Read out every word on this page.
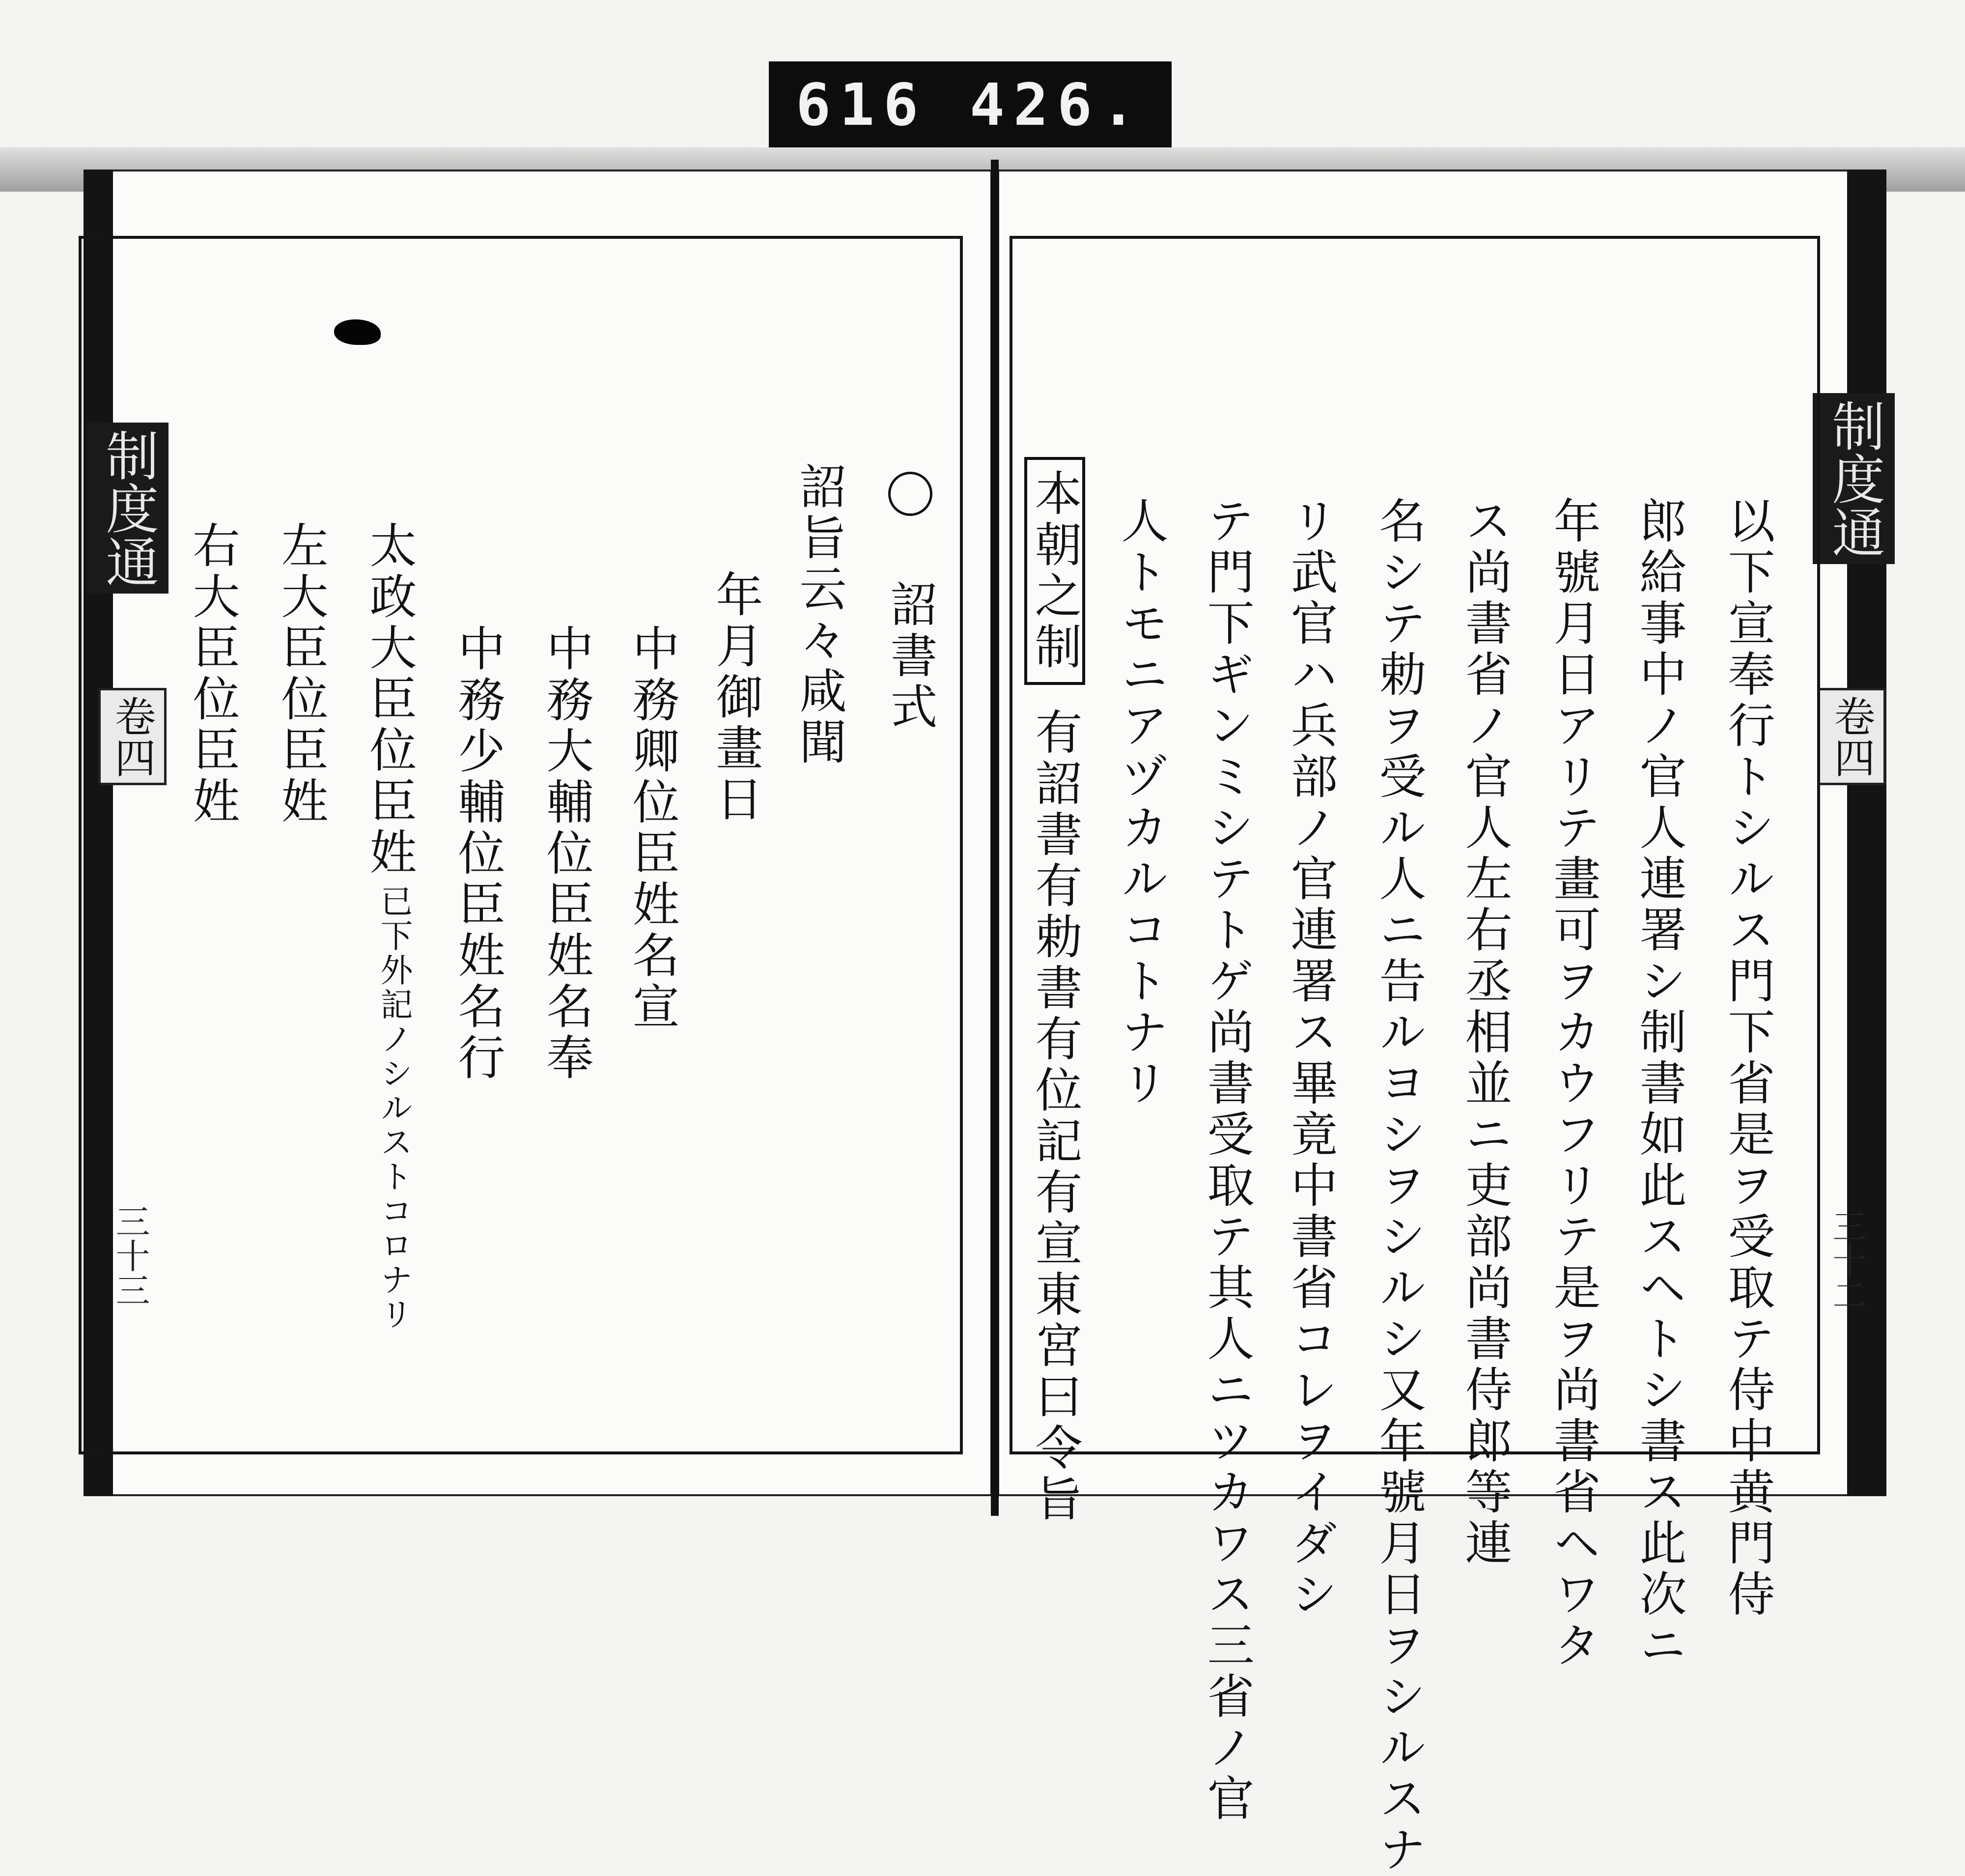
616 426.
制度通
卷四
三十三
制度通
卷四
三十二
以下宣奉行トシルス門下省是ヲ受取テ侍中黄門侍
郎給事中ノ官人連署シ制書如此スヘトシ書ス此次ニ
年號月日アリテ畫可ヲカウフリテ是ヲ尚書省ヘワタ
ス尚書省ノ官人左右丞相並ニ吏部尚書侍郎等連
名シテ勅ヲ受ル人ニ告ルヨシヲシルシ又年號月日ヲシルスナ
リ武官ハ兵部ノ官連署ス畢竟中書省コレヲイダシ
テ門下ギンミシテトゲ尚書受取テ其人ニツカワス三省ノ官
人トモニアヅカルコトナリ
本朝之制
有詔書有勅書有位記有宣東宮曰令旨
詔書式
詔旨云々咸聞
年月御畫日
中務卿位臣姓名宣
中務大輔位臣姓名奉
中務少輔位臣姓名行
太政大臣位臣姓
已下外記ノシルストコロナリ
左大臣位臣姓
右大臣位臣姓
